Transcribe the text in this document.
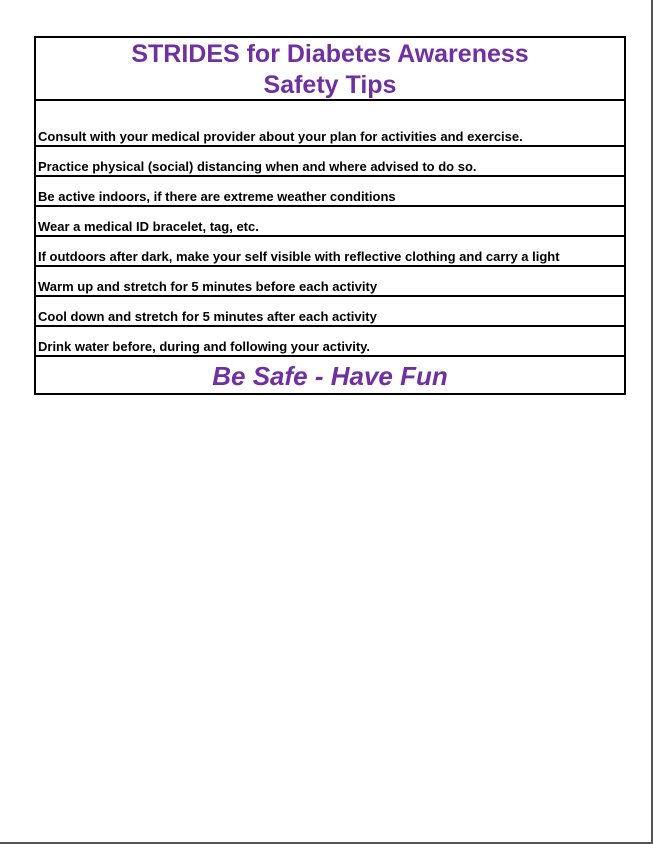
STRIDES for Diabetes Awareness
Safety Tips
Consult with your medical provider about your plan for activities and exercise.
Practice physical (social) distancing when and where advised to do so.
Be active indoors, if there are extreme weather conditions
Wear a medical ID bracelet, tag, etc.
If outdoors after dark, make your self visible with reflective clothing and carry a light
Warm up and stretch for 5 minutes before each activity
Cool down and stretch for 5 minutes after each activity
Drink water before, during and following your activity.
Be Safe - Have Fun
